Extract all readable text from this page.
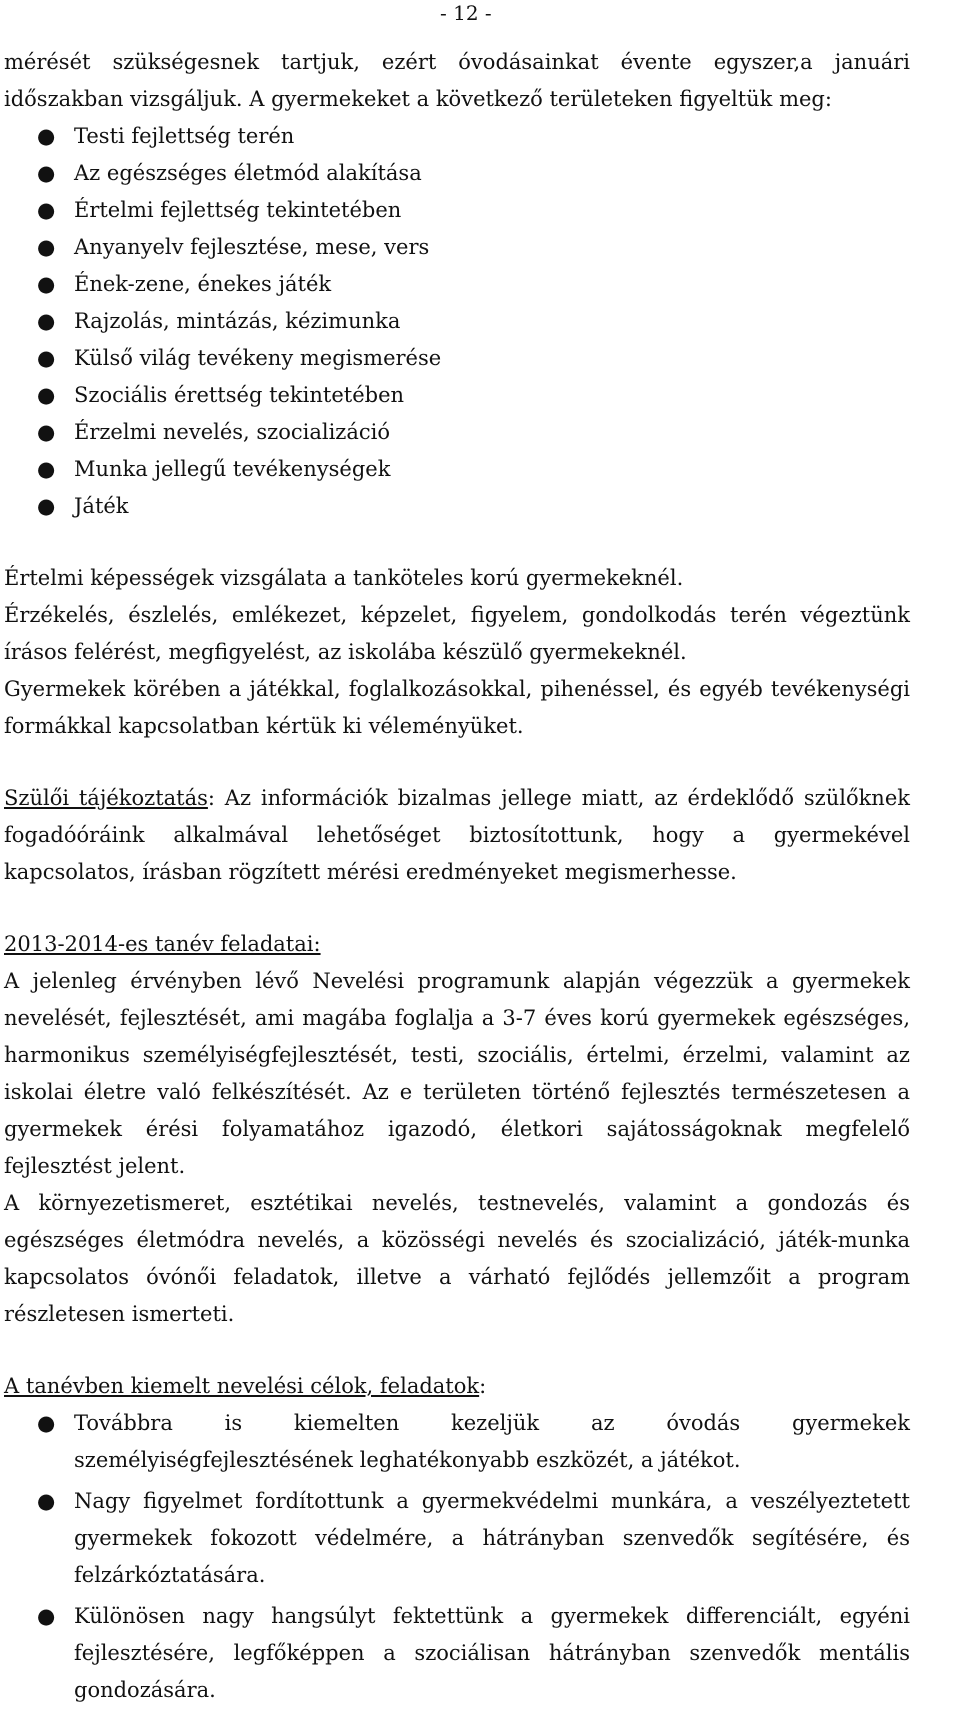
- 12 -

mérését szükségesnek tartjuk, ezért óvodásainkat évente egyszer,a januári időszakban vizsgáljuk. A gyermekeket a következő területeken figyeltük meg:

● Testi fejlettség terén
● Az egészséges életmód alakítása
● Értelmi fejlettség tekintetében
● Anyanyelv fejlesztése, mese, vers
● Ének-zene, énekes játék
● Rajzolás, mintázás, kézimunka
● Külső világ tevékeny megismerése
● Szociális érettség tekintetében
● Érzelmi nevelés, szocializáció
● Munka jellegű tevékenységek
● Játék

Értelmi képességek vizsgálata a tanköteles korú gyermekeknél.

Érzékelés, észlelés, emlékezet, képzelet, figyelem, gondolkodás terén végeztünk írásos felérést, megfigyelést, az iskolába készülő gyermekeknél.

Gyermekek körében a játékkal, foglalkozásokkal, pihenéssel, és egyéb tevékenységi formákkal kapcsolatban kértük ki véleményüket.

Szülői tájékoztatás: Az információk bizalmas jellege miatt, az érdeklődő szülőknek fogadóóráink alkalmával lehetőséget biztosítottunk, hogy a gyermekével kapcsolatos, írásban rögzített mérési eredményeket megismerhesse.

2013-2014-es tanév feladatai:

A jelenleg érvényben lévő Nevelési programunk alapján végezzük a gyermekek nevelését, fejlesztését, ami magába foglalja a 3-7 éves korú gyermekek egészséges, harmonikus személyiségfejlesztését, testi, szociális, értelmi, érzelmi, valamint az iskolai életre való felkészítését. Az e területen történő fejlesztés természetesen a gyermekek érési folyamatához igazodó, életkori sajátosságoknak megfelelő fejlesztést jelent.

A környezetismeret, esztétikai nevelés, testnevelés, valamint a gondozás és egészséges életmódra nevelés, a közösségi nevelés és szocializáció, játék-munka kapcsolatos óvónői feladatok, illetve a várható fejlődés jellemzőit a program részletesen ismerteti.

A tanévben kiemelt nevelési célok, feladatok:

● Továbbra is kiemelten kezeljük az óvodás gyermekek személyiségfejlesztésének leghatékonyabb eszközét, a játékot.
● Nagy figyelmet fordítottunk a gyermekvédelmi munkára, a veszélyeztetett gyermekek fokozott védelmére, a hátrányban szenvedők segítésére, és felzárkóztatására.
● Különösen nagy hangsúlyt fektettünk a gyermekek differenciált, egyéni fejlesztésére, legfőképpen a szociálisan hátrányban szenvedők mentális gondozására.
